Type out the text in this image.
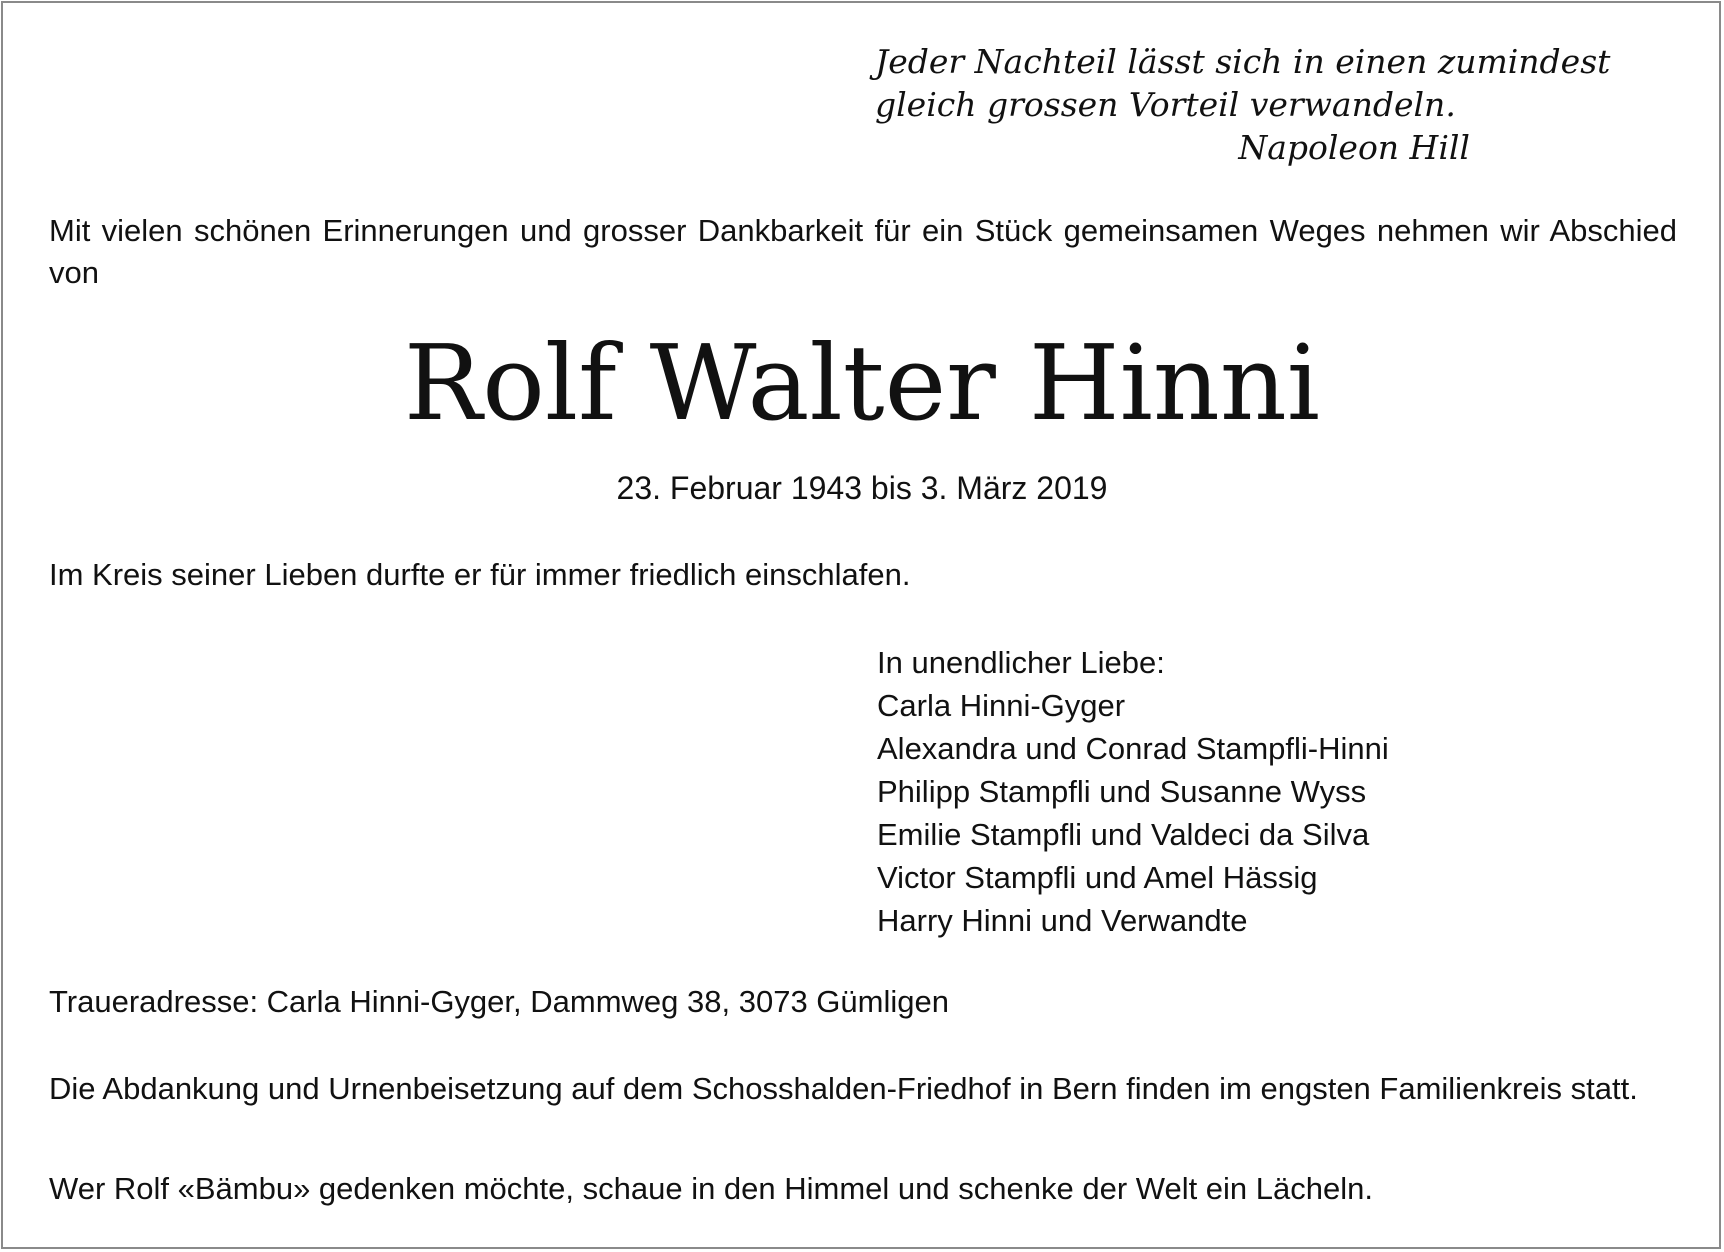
Jeder Nachteil lässt sich in einen zumindest
gleich grossen Vorteil verwandeln.
Napoleon Hill
Mit vielen schönen Erinnerungen und grosser Dankbarkeit für ein Stück gemeinsamen Weges nehmen wir Abschied von
Rolf Walter Hinni
23. Februar 1943 bis 3. März 2019
Im Kreis seiner Lieben durfte er für immer friedlich einschlafen.
In unendlicher Liebe:
Carla Hinni-Gyger
Alexandra und Conrad Stampfli-Hinni
Philipp Stampfli und Susanne Wyss
Emilie Stampfli und Valdeci da Silva
Victor Stampfli und Amel Hässig
Harry Hinni und Verwandte
Traueradresse: Carla Hinni-Gyger, Dammweg 38, 3073 Gümligen
Die Abdankung und Urnenbeisetzung auf dem Schosshalden-Friedhof in Bern finden im engsten Familienkreis statt.
Wer Rolf «Bämbu» gedenken möchte, schaue in den Himmel und schenke der Welt ein Lächeln.
